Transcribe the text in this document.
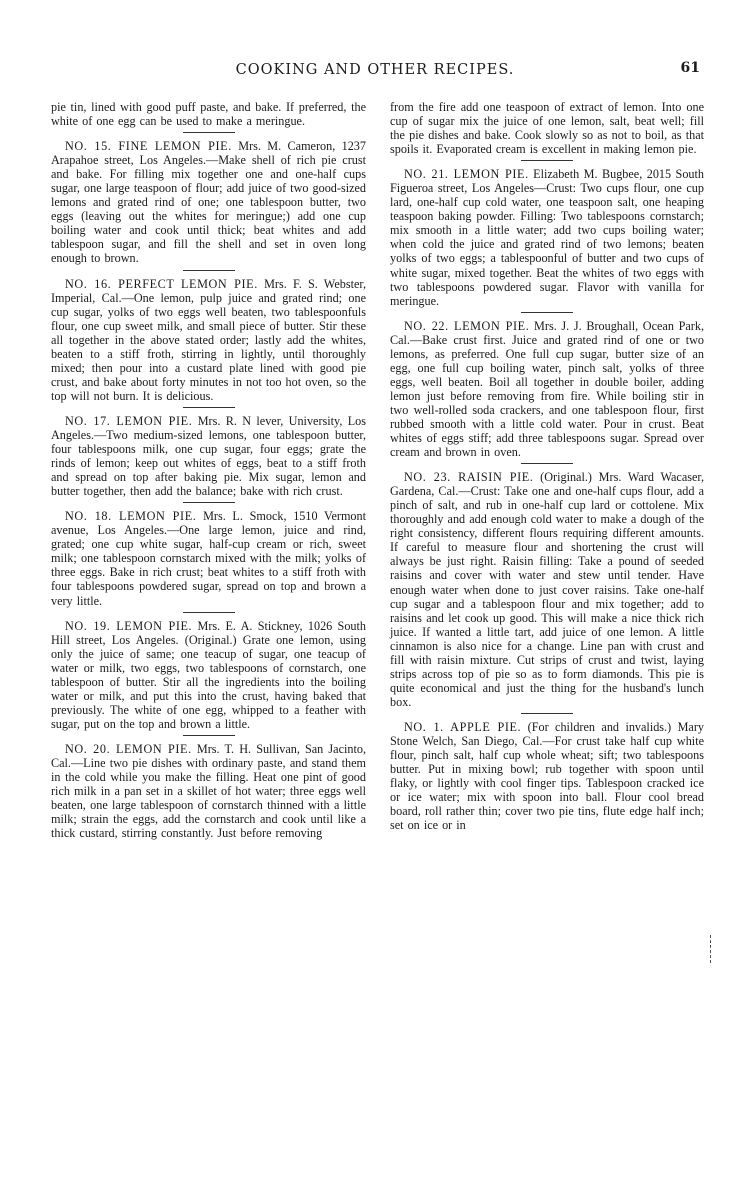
COOKING AND OTHER RECIPES.	61

pie tin, lined with good puff paste, and bake. If preferred, the white of one egg can be used to make a meringue.

NO. 15. FINE LEMON PIE. Mrs. M. Cameron, 1237 Arapahoe street, Los Angeles.—Make shell of rich pie crust and bake. For filling mix together one and one-half cups sugar, one large teaspoon of flour; add juice of two good-sized lemons and grated rind of one; one tablespoon butter, two eggs (leaving out the whites for meringue;) add one cup boiling water and cook until thick; beat whites and add tablespoon sugar, and fill the shell and set in oven long enough to brown.

NO. 16. PERFECT LEMON PIE. Mrs. F. S. Webster, Imperial, Cal.—One lemon, pulp juice and grated rind; one cup sugar, yolks of two eggs well beaten, two tablespoonfuls flour, one cup sweet milk, and small piece of butter. Stir these all together in the above stated order; lastly add the whites, beaten to a stiff froth, stirring in lightly, until thoroughly mixed; then pour into a custard plate lined with good pie crust, and bake about forty minutes in not too hot oven, so the top will not burn. It is delicious.

NO. 17. LEMON PIE. Mrs. R. N lever, University, Los Angeles.—Two medium-sized lemons, one tablespoon butter, four tablespoons milk, one cup sugar, four eggs; grate the rinds of lemon; keep out whites of eggs, beat to a stiff froth and spread on top after baking pie. Mix sugar, lemon and butter together, then add the balance; bake with rich crust.

NO. 18. LEMON PIE. Mrs. L. Smock, 1510 Vermont avenue, Los Angeles.—One large lemon, juice and rind, grated; one cup white sugar, half-cup cream or rich, sweet milk; one tablespoon cornstarch mixed with the milk; yolks of three eggs. Bake in rich crust; beat whites to a stiff froth with four tablespoons powdered sugar, spread on top and brown a very little.

NO. 19. LEMON PIE. Mrs. E. A. Stickney, 1026 South Hill street, Los Angeles. (Original.) Grate one lemon, using only the juice of same; one teacup of sugar, one teacup of water or milk, two eggs, two tablespoons of cornstarch, one tablespoon of butter. Stir all the ingredients into the boiling water or milk, and put this into the crust, having baked that previously. The white of one egg, whipped to a feather with sugar, put on the top and brown a little.

NO. 20. LEMON PIE. Mrs. T. H. Sullivan, San Jacinto, Cal.—Line two pie dishes with ordinary paste, and stand them in the cold while you make the filling. Heat one pint of good rich milk in a pan set in a skillet of hot water; three eggs well beaten, one large tablespoon of cornstarch thinned with a little milk; strain the eggs, add the cornstarch and cook until like a thick custard, stirring constantly. Just before removing

from the fire add one teaspoon of extract of lemon. Into one cup of sugar mix the juice of one lemon, salt, beat well; fill the pie dishes and bake. Cook slowly so as not to boil, as that spoils it. Evaporated cream is excellent in making lemon pie.

NO. 21. LEMON PIE. Elizabeth M. Bugbee, 2015 South Figueroa street, Los Angeles—Crust: Two cups flour, one cup lard, one-half cup cold water, one teaspoon salt, one heaping teaspoon baking powder. Filling: Two tablespoons cornstarch; mix smooth in a little water; add two cups boiling water; when cold the juice and grated rind of two lemons; beaten yolks of two eggs; a tablespoonful of butter and two cups of white sugar, mixed together. Beat the whites of two eggs with two tablespoons powdered sugar. Flavor with vanilla for meringue.

NO. 22. LEMON PIE. Mrs. J. J. Broughall, Ocean Park, Cal.—Bake crust first. Juice and grated rind of one or two lemons, as preferred. One full cup sugar, butter size of an egg, one full cup boiling water, pinch salt, yolks of three eggs, well beaten. Boil all together in double boiler, adding lemon just before removing from fire. While boiling stir in two well-rolled soda crackers, and one tablespoon flour, first rubbed smooth with a little cold water. Pour in crust. Beat whites of eggs stiff; add three tablespoons sugar. Spread over cream and brown in oven.

NO. 23. RAISIN PIE. (Original.) Mrs. Ward Wacaser, Gardena, Cal.—Crust: Take one and one-half cups flour, add a pinch of salt, and rub in one-half cup lard or cottolene. Mix thoroughly and add enough cold water to make a dough of the right consistency, different flours requiring different amounts. If careful to measure flour and shortening the crust will always be just right. Raisin filling: Take a pound of seeded raisins and cover with water and stew until tender. Have enough water when done to just cover raisins. Take one-half cup sugar and a tablespoon flour and mix together; add to raisins and let cook up good. This will make a nice thick rich juice. If wanted a little tart, add juice of one lemon. A little cinnamon is also nice for a change. Line pan with crust and fill with raisin mixture. Cut strips of crust and twist, laying strips across top of pie so as to form diamonds. This pie is quite economical and just the thing for the husband's lunch box.

NO. 1. APPLE PIE. (For children and invalids.) Mary Stone Welch, San Diego, Cal.—For crust take half cup white flour, pinch salt, half cup whole wheat; sift; two tablespoons butter. Put in mixing bowl; rub together with spoon until flaky, or lightly with cool finger tips. Tablespoon cracked ice or ice water; mix with spoon into ball. Flour cool bread board, roll rather thin; cover two pie tins, flute edge half inch; set on ice or in
